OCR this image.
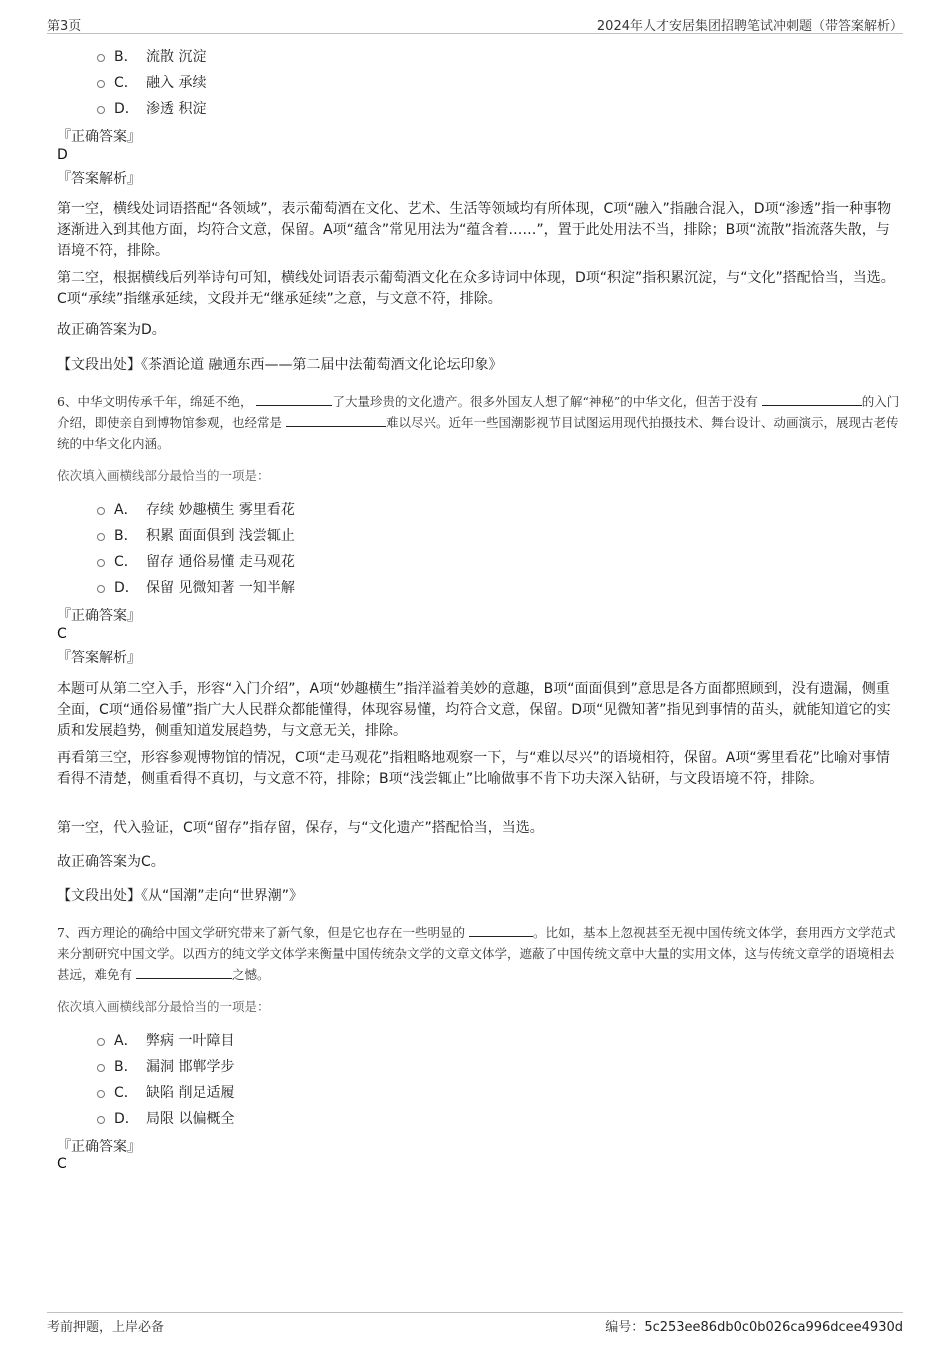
第3页	2024年人才安居集团招聘笔试冲刺题（带答案解析）
B． 流散 沉淀
C． 融入 承续
D． 渗透 积淀
『正确答案』
D
『答案解析』

第一空，横线处词语搭配“各领域”，表示葡萄酒在文化、艺术、生活等领域均有所体现，C项“融入”指融合混入，D项“渗透”指一种事物逐渐进入到其他方面，均符合文意，保留。A项“蕴含”常见用法为“蕴含着……”，置于此处用法不当，排除；B项“流散”指流落失散，与语境不符，排除。

第二空，根据横线后列举诗句可知，横线处词语表示葡萄酒文化在众多诗词中体现，D项“积淀”指积累沉淀，与“文化”搭配恰当，当选。C项“承续”指继承延续，文段并无“继承延续”之意，与文意不符，排除。

故正确答案为D。

【文段出处】《茶酒论道 融通东西——第二届中法葡萄酒文化论坛印象》

6、中华文明传承千年，绵延不绝，	了大量珍贵的文化遗产。很多外国友人想了解“神秘”的中华文化，但苦于没有	的入门介绍，即使亲自到博物馆参观，也经常是	难以尽兴。近年一些国潮影视节目试图运用现代拍摄技术、舞台设计、动画演示，展现古老传统的中华文化内涵。

依次填入画横线部分最恰当的一项是：
A． 存续 妙趣横生 雾里看花
B． 积累 面面俱到 浅尝辄止
C． 留存 通俗易懂 走马观花
D． 保留 见微知著 一知半解
『正确答案』
C
『答案解析』

本题可从第二空入手，形容“入门介绍”，A项“妙趣横生”指洋溢着美妙的意趣，B项“面面俱到”意思是各方面都照顾到，没有遗漏，侧重全面，C项“通俗易懂”指广大人民群众都能懂得，体现容易懂，均符合文意，保留。D项“见微知著”指见到事情的苗头，就能知道它的实质和发展趋势，侧重知道发展趋势，与文意无关，排除。

再看第三空，形容参观博物馆的情况，C项“走马观花”指粗略地观察一下，与“难以尽兴”的语境相符，保留。A项“雾里看花”比喻对事情看得不清楚，侧重看得不真切，与文意不符，排除；B项“浅尝辄止”比喻做事不肯下功夫深入钻研，与文段语境不符，排除。

第一空，代入验证，C项“留存”指存留，保存，与“文化遗产”搭配恰当，当选。

故正确答案为C。

【文段出处】《从“国潮”走向“世界潮”》

7、西方理论的确给中国文学研究带来了新气象，但是它也存在一些明显的	。比如，基本上忽视甚至无视中国传统文体学，套用西方文学范式来分割研究中国文学。以西方的纯文学文体学来衡量中国传统杂文学的文章文体学，遮蔽了中国传统文章中大量的实用文体，这与传统文章学的语境相去甚远，难免有	之憾。

依次填入画横线部分最恰当的一项是：
A． 弊病 一叶障目
B． 漏洞 邯郸学步
C． 缺陷 削足适履
D． 局限 以偏概全
『正确答案』
C
考前押题，上岸必备	编号：5c253ee86db0c0b026ca996dcee4930d
